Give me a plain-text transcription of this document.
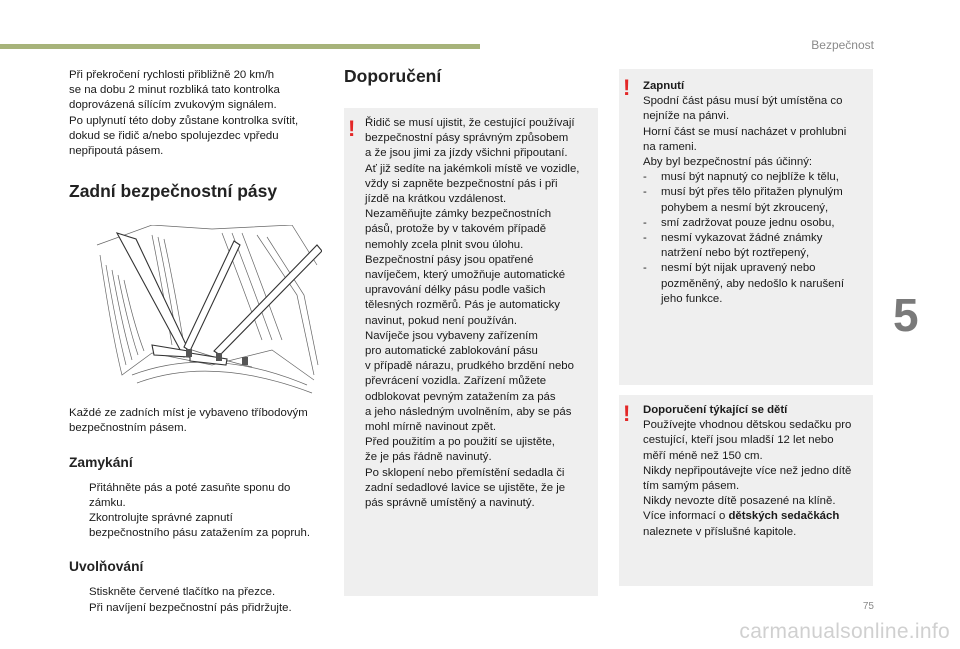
Bezpečnost
5
75
carmanualsonline.info

Při překročení rychlosti přibližně 20 km/h
se na dobu 2 minut rozbliká tato kontrolka
doprovázená sílícím zvukovým signálem.
Po uplynutí této doby zůstane kontrolka svítit,
dokud se řidič a/nebo spolujezdec vpředu
nepřipoutá pásem.

Zadní bezpečnostní pásy

Každé ze zadních míst je vybaveno tříbodovým
bezpečnostním pásem.

Zamykání
Přitáhněte pás a poté zasuňte sponu do
zámku.
Zkontrolujte správné zapnutí
bezpečnostního pásu zatažením za popruh.
Uvolňování
Stiskněte červené tlačítko na přezce.
Při navíjení bezpečnostní pás přidržujte.
Doporučení
! Řidič se musí ujistit, že cestující používají
bezpečnostní pásy správným způsobem
a že jsou jimi za jízdy všichni připoutaní.
Ať již sedíte na jakémkoli místě ve vozidle,
vždy si zapněte bezpečnostní pás i při
jízdě na krátkou vzdálenost.
Nezaměňujte zámky bezpečnostních
pásů, protože by v takovém případě
nemohly zcela plnit svou úlohu.
Bezpečnostní pásy jsou opatřené
navíječem, který umožňuje automatické
upravování délky pásu podle vašich
tělesných rozměrů. Pás je automaticky
navinut, pokud není používán.
Navíječe jsou vybaveny zařízením
pro automatické zablokování pásu
v případě nárazu, prudkého brzdění nebo
převrácení vozidla. Zařízení můžete
odblokovat pevným zatažením za pás
a jeho následným uvolněním, aby se pás
mohl mírně navinout zpět.
Před použitím a po použití se ujistěte,
že je pás řádně navinutý.
Po sklopení nebo přemístění sedadla či
zadní sedadlové lavice se ujistěte, že je
pás správně umístěný a navinutý.

! Zapnutí

Spodní část pásu musí být umístěna co
nejníže na pánvi.
Horní část se musí nacházet v prohlubni
na rameni.
Aby byl bezpečnostní pás účinný:

- musí být napnutý co nejblíže k tělu,
- musí být přes tělo přitažen plynulým
pohybem a nesmí být zkroucený,
- smí zadržovat pouze jednu osobu,
- nesmí vykazovat žádné známky
natržení nebo být roztřepený,
- nesmí být nijak upravený nebo
pozměněný, aby nedošlo k narušení
jeho funkce.
! Doporučení týkající se dětí

Používejte vhodnou dětskou sedačku pro
cestující, kteří jsou mladší 12 let nebo
měří méně než 150 cm.
Nikdy nepřipoutávejte více než jedno dítě
tím samým pásem.
Nikdy nevozte dítě posazené na klíně.
Více informací o dětských sedačkách
naleznete v příslušné kapitole.
